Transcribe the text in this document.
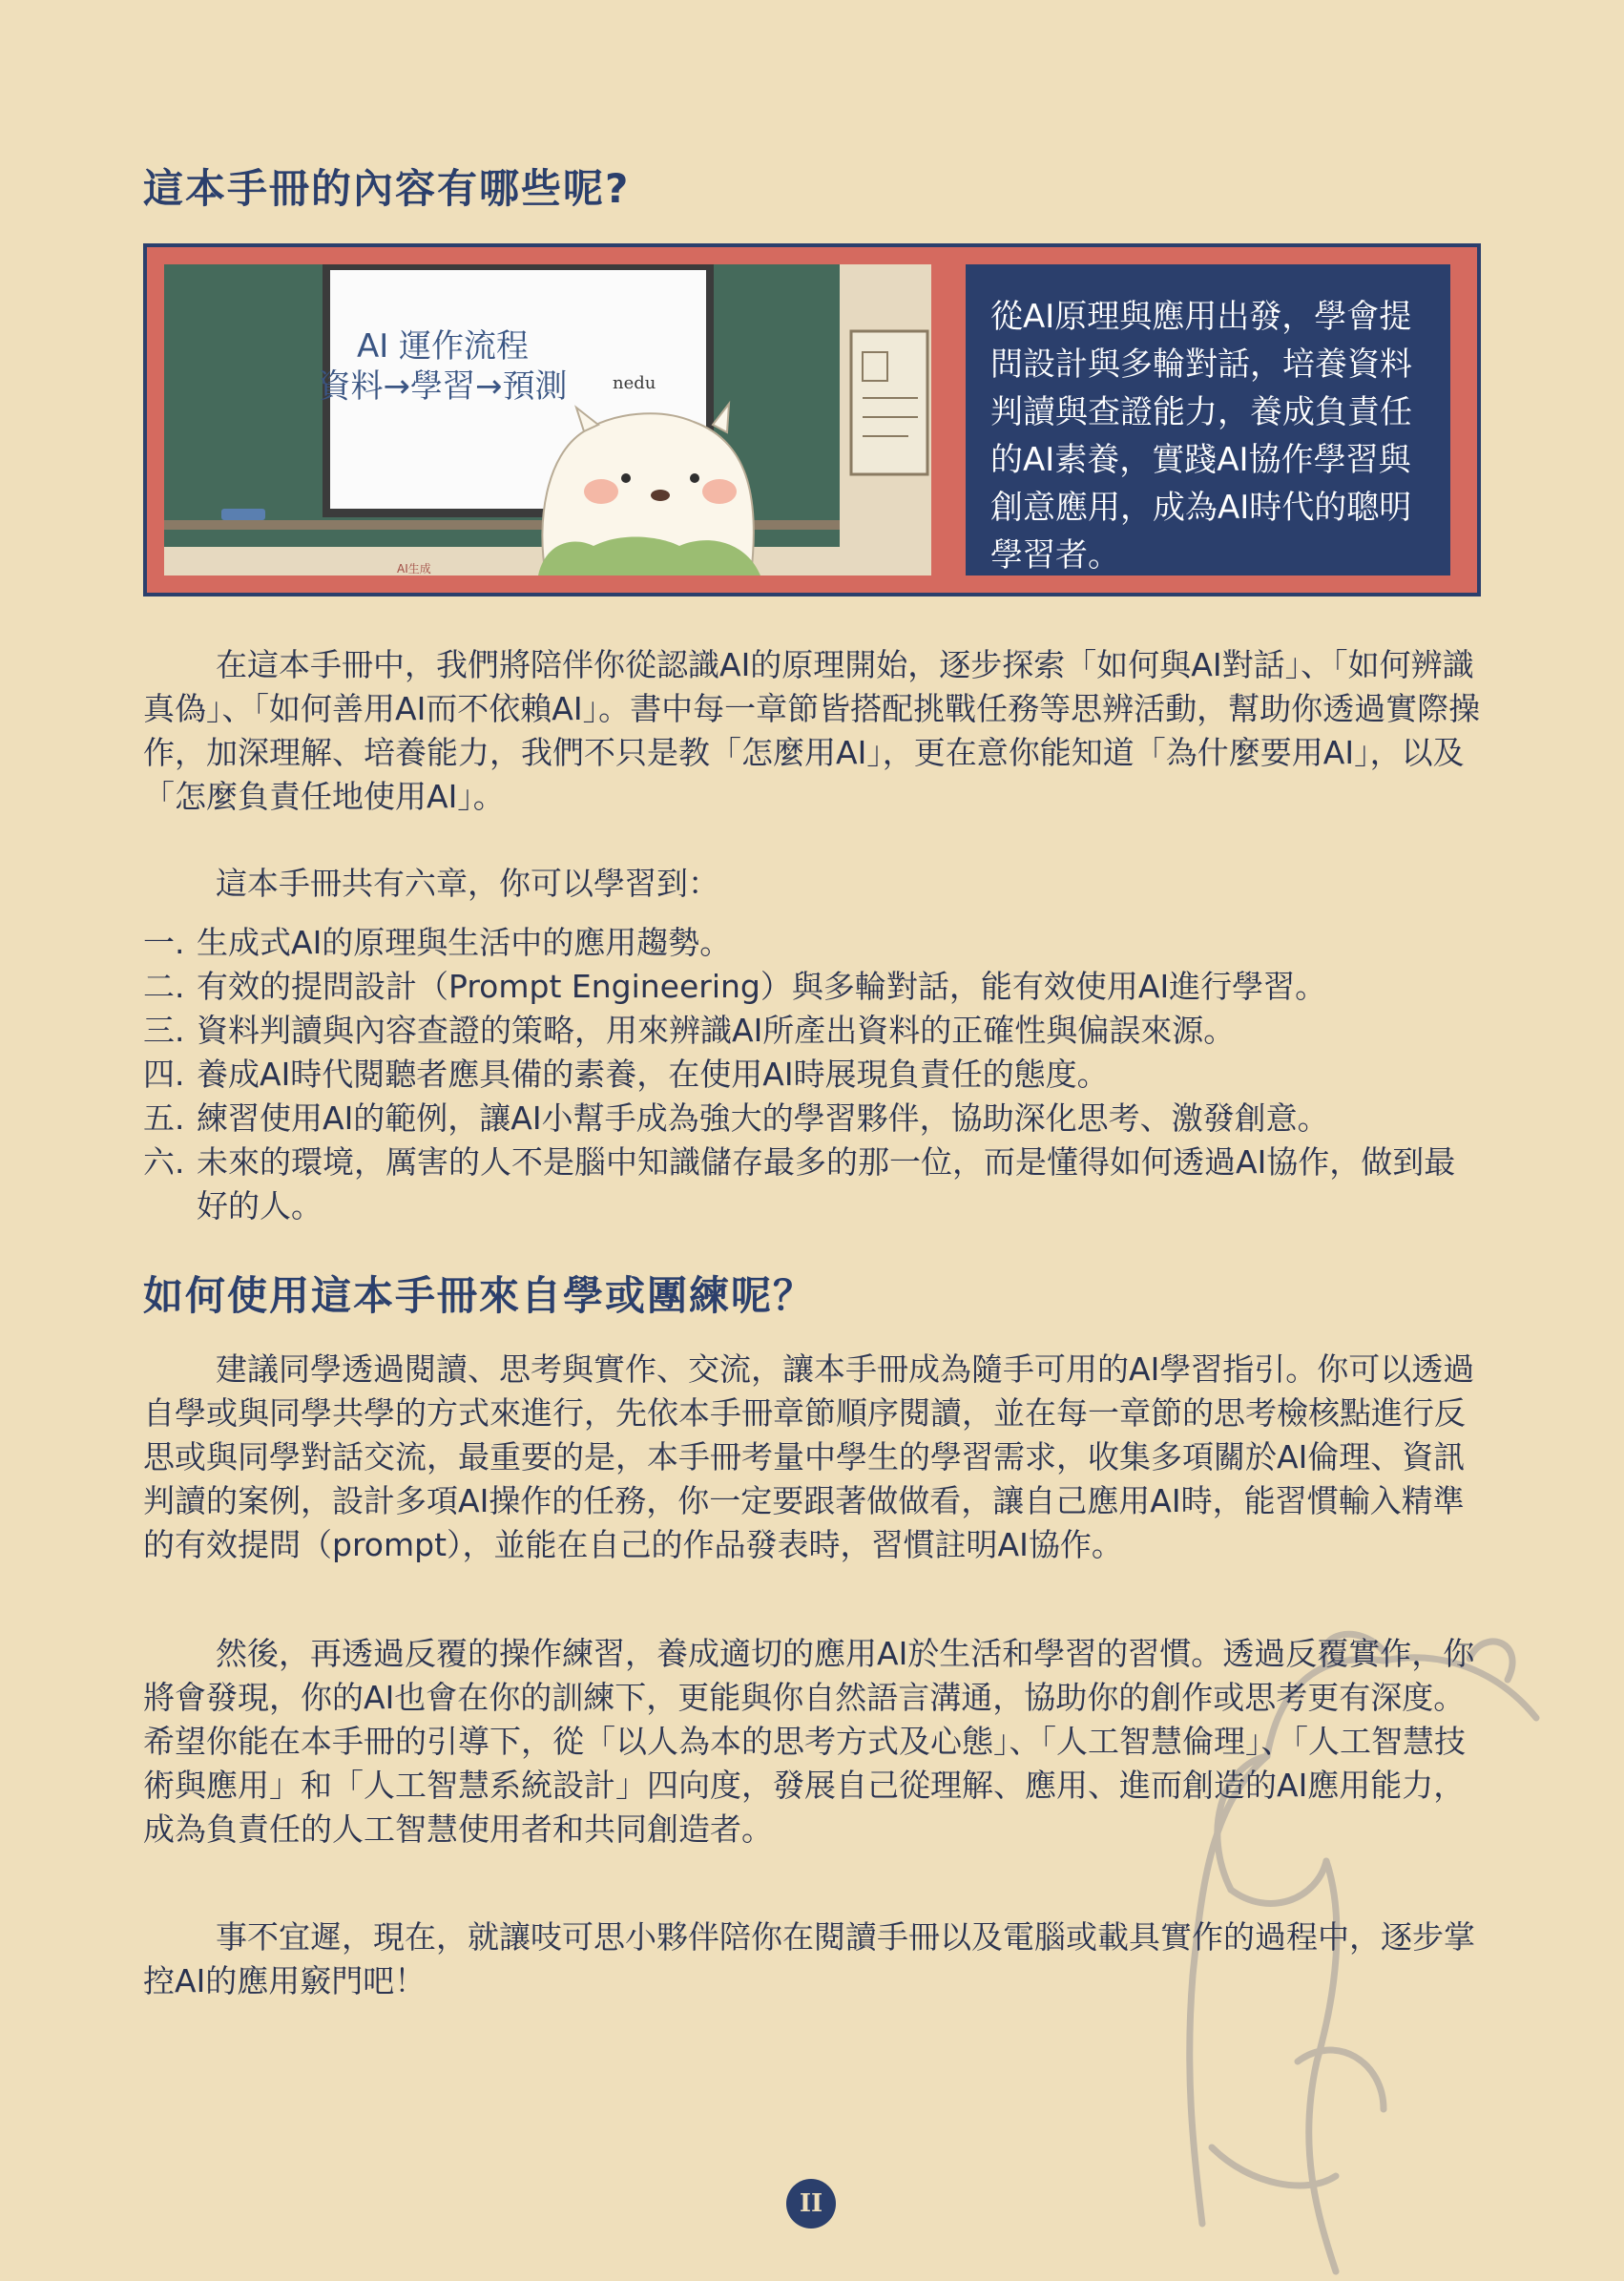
這本手冊的內容有哪些呢?
nedu
AI 運作流程
資料→學習→預測
AI生成
從AI原理與應用出發，學會提問設計與多輪對話，培養資料判讀與查證能力，養成負責任的AI素養，實踐AI協作學習與創意應用，成為AI時代的聰明學習者。

在這本手冊中，我們將陪伴你從認識AI的原理開始，逐步探索「如何與AI對話」、「如何辨識真偽」、「如何善用AI而不依賴AI」。書中每一章節皆搭配挑戰任務等思辨活動，幫助你透過實際操作，加深理解、培養能力，我們不只是教「怎麼用AI」，更在意你能知道「為什麼要用AI」，以及「怎麼負責任地使用AI」。

這本手冊共有六章，你可以學習到：

一. 生成式AI的原理與生活中的應用趨勢。
二. 有效的提問設計（Prompt Engineering）與多輪對話，能有效使用AI進行學習。
三. 資料判讀與內容查證的策略，用來辨識AI所產出資料的正確性與偏誤來源。
四. 養成AI時代閱聽者應具備的素養，在使用AI時展現負責任的態度。
五. 練習使用AI的範例，讓AI小幫手成為強大的學習夥伴，協助深化思考、激發創意。
六. 未來的環境，厲害的人不是腦中知識儲存最多的那一位，而是懂得如何透過AI協作，做到最好的人。
如何使用這本手冊來自學或團練呢？

建議同學透過閱讀、思考與實作、交流，讓本手冊成為隨手可用的AI學習指引。你可以透過自學或與同學共學的方式來進行，先依本手冊章節順序閱讀，並在每一章節的思考檢核點進行反思或與同學對話交流，最重要的是，本手冊考量中學生的學習需求，收集多項關於AI倫理、資訊判讀的案例，設計多項AI操作的任務，你一定要跟著做做看，讓自己應用AI時，能習慣輸入精準的有效提問（prompt），並能在自己的作品發表時，習慣註明AI協作。

然後，再透過反覆的操作練習，養成適切的應用AI於生活和學習的習慣。透過反覆實作，你將會發現，你的AI也會在你的訓練下，更能與你自然語言溝通，協助你的創作或思考更有深度。希望你能在本手冊的引導下，從「以人為本的思考方式及心態」、「人工智慧倫理」、「人工智慧技術與應用」和「人工智慧系統設計」四向度，發展自己從理解、應用、進而創造的AI應用能力，成為負責任的人工智慧使用者和共同創造者。

事不宜遲，現在，就讓吱可思小夥伴陪你在閱讀手冊以及電腦或載具實作的過程中，逐步掌控AI的應用竅門吧！

II
